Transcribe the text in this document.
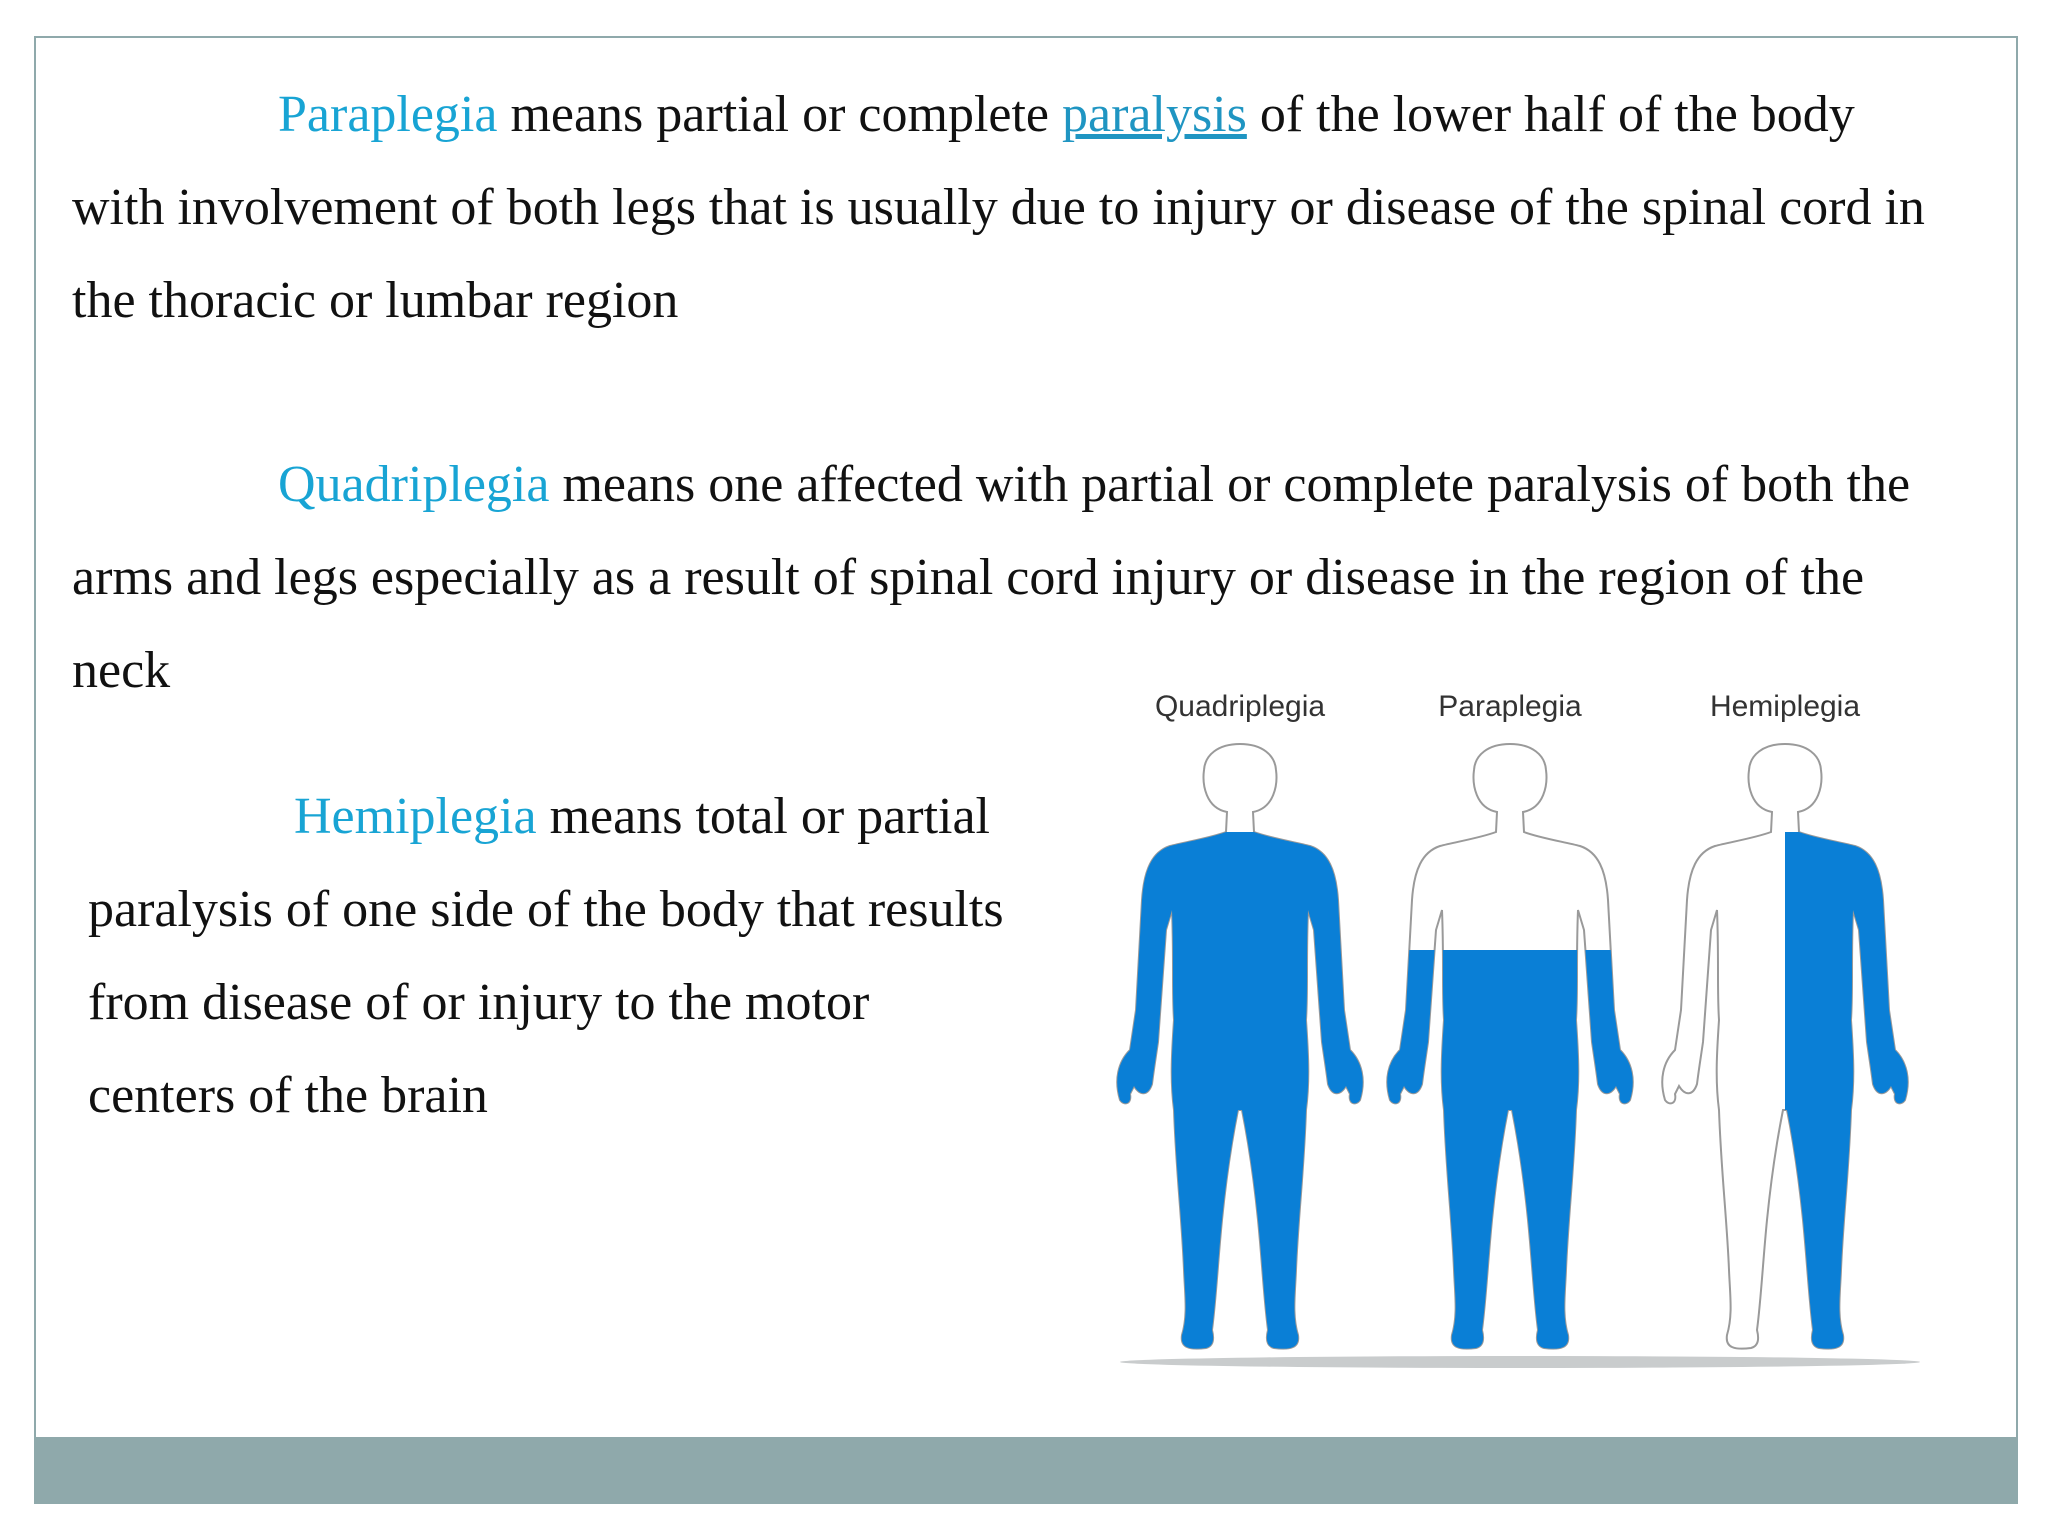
Paraplegia means partial or complete paralysis of the lower half of the body with involvement of both legs that is usually due to injury or disease of the spinal cord in the thoracic or lumbar region

Quadriplegia means one affected with partial or complete paralysis of both the arms and legs especially as a result of spinal cord injury or disease in the region of the neck

Hemiplegia means total or partial paralysis of one side of the body that results from disease of or injury to the motor centers of the brain

Quadriplegia	Paraplegia	Hemiplegia
